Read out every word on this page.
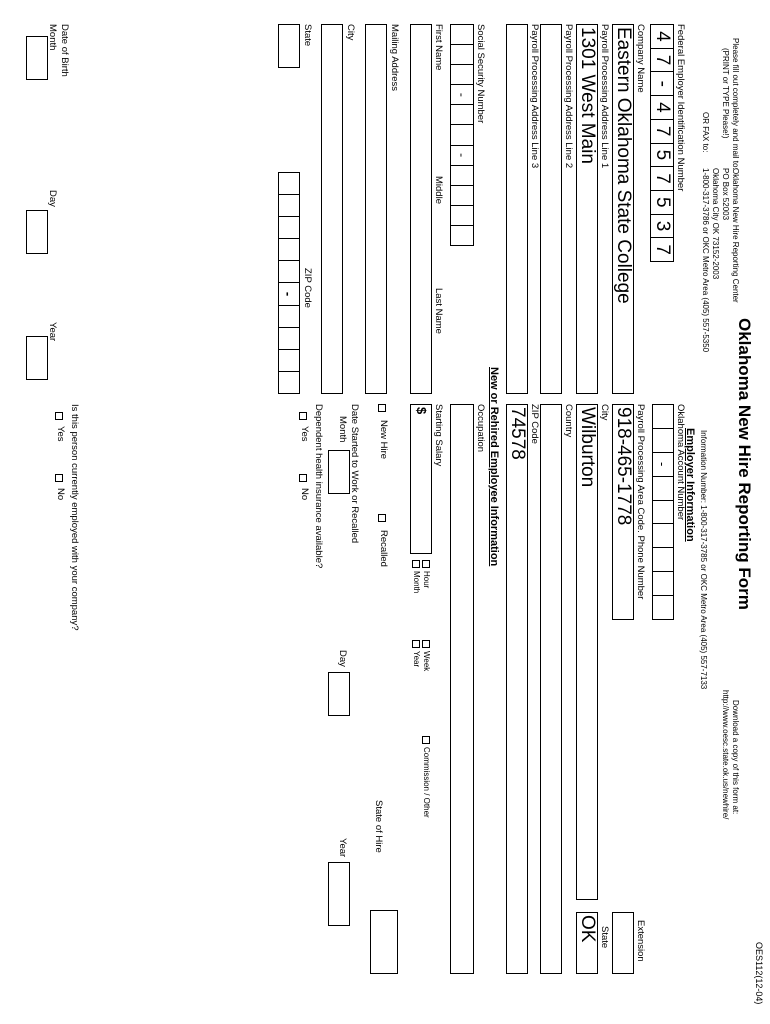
OES112(12-04)
Oklahoma New Hire Reporting Form
Please fill out completely and mail to:
(PRINT or TYPE Please!)
OR FAX to:
Oklahoma New Hire Reporting Center
PO Box 52003
Oklahoma City OK 73152-2003
1-800-317-3786 or OKC Metro Area (405) 557-5350
Download a copy of this form at:
http://www.oesc.state.ok.us/newhire/
Information Number: 1-800-317-3785 or OKC Metro Area (405) 557-7133
Employer Information
Federal Employer Identification Number
4
7
-
4
7
5
7
5
3
7
Company Name
Eastern Oklahoma State College
Payroll Processing Address Line 1
1301 West Main
Payroll Processing Address Line 2
Payroll Processing Address Line 3
Oklahoma Account Number
-
Payroll Processing Area Code. Phone Number
918-465-1778
Extension
City
Wilburton
State
OK
Country
ZIP Code
74578
New or Rehired Employee Information
Social Security Number
-
-
First Name
Middle
Last Name
Mailing Address
City
State
ZIP Code
-
Date of Birth
Month
Day
Year
Occupation
Starting Salary
$
Hour
Week
Commission / Other
Month
Year
New Hire
Recalled
State of Hire
Date Started to Work or Recalled
Month
Day
Year
Dependent health insurance available?
Yes
No
Is this person currently employed with your company?
Yes
No
